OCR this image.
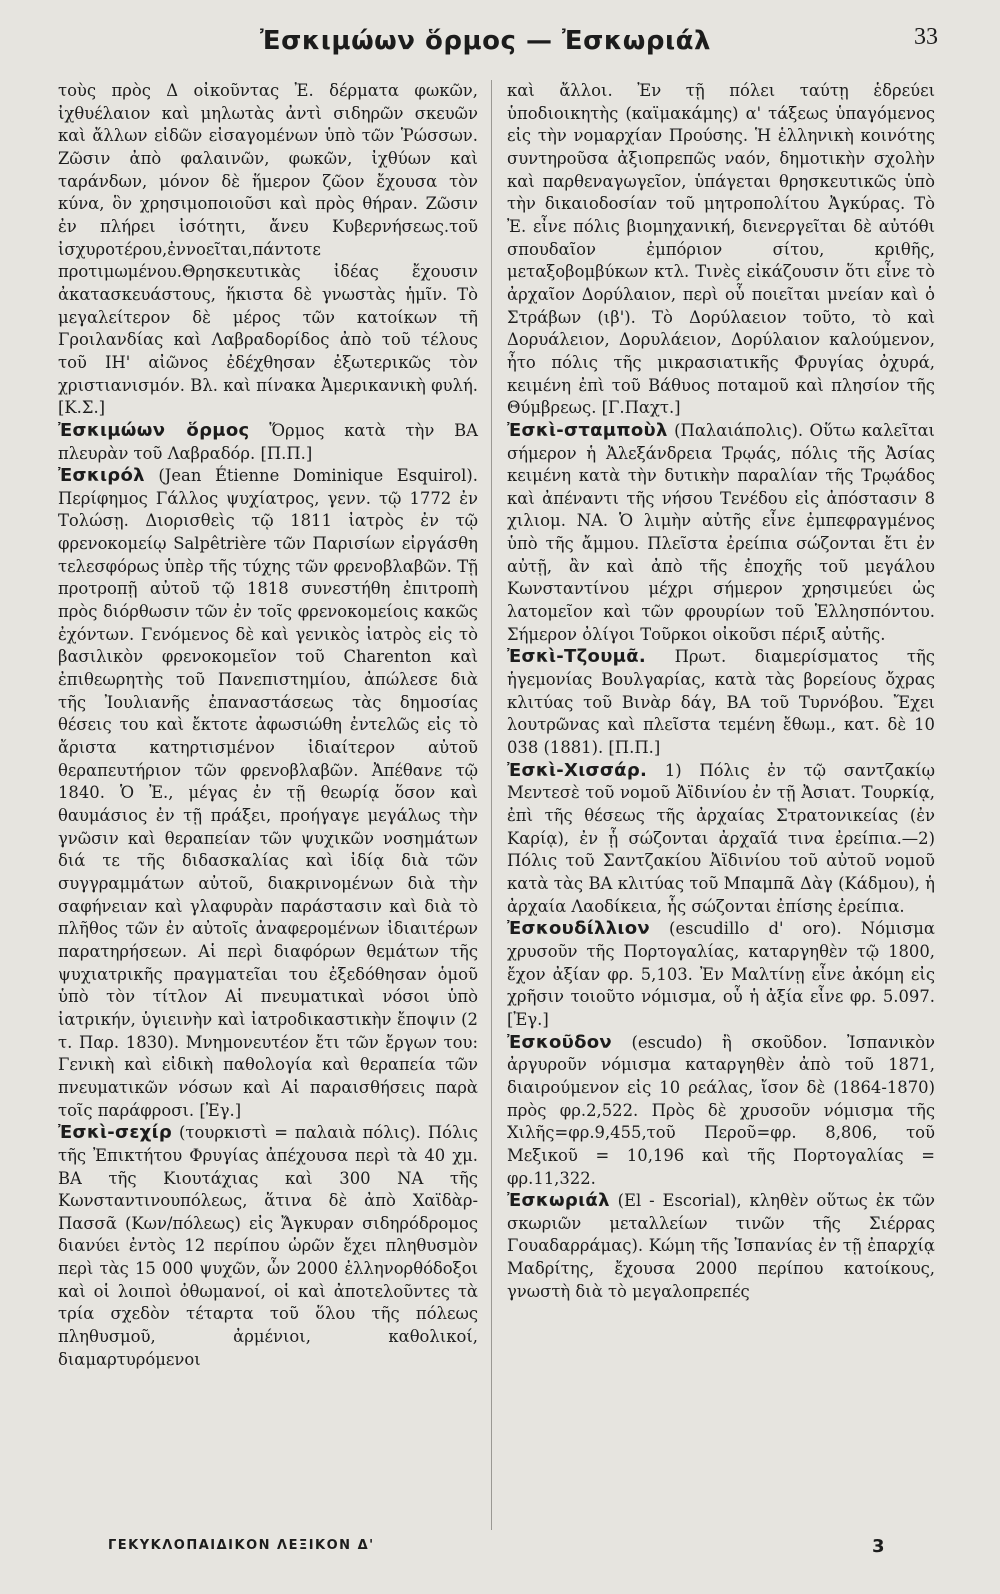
Ἐσκιμώων ὅρμος — Ἐσκωριάλ	33

τοὺς πρὸς Δ οἰκοῦντας Ἐ. δέρματα φωκῶν, ἰχθυέλαιον καὶ μηλωτὰς ἀντὶ σιδηρῶν σκευῶν καὶ ἄλλων εἰδῶν εἰσαγομένων ὑπὸ τῶν Ῥώσσων. Ζῶσιν ἀπὸ φαλαινῶν, φωκῶν, ἰχθύων καὶ ταράνδων, μόνον δὲ ἥμερον ζῶον ἔχουσα τὸν κύνα, ὃν χρησιμοποιοῦσι καὶ πρὸς θήραν. Ζῶσιν ἐν πλήρει ἰσότητι, ἄνευ Κυβερνήσεως.τοῦ ἰσχυροτέρου,ἐννοεῖται,πάντοτε προτιμωμένου.Θρησκευτικὰς ἰδέας ἔχουσιν ἀκατασκευάστους, ἥκιστα δὲ γνωστὰς ἡμῖν. Τὸ μεγαλείτερον δὲ μέρος τῶν κατοίκων τῆ Γροιλανδίας καὶ Λαβραδορίδος ἀπὸ τοῦ τέλους τοῦ ΙΗ' αἰῶνος ἐδέχθησαν ἐξωτερικῶς τὸν χριστιανισμόν. Βλ. καὶ πίνακα Ἀμερικανικὴ φυλή. [Κ.Σ.]

Ἐσκιμώων ὅρμος Ὅρμος κατὰ τὴν ΒΑ πλευρὰν τοῦ Λαβραδόρ. [Π.Π.]

Ἐσκιρόλ (Jean Étienne Dominique Esquirol). Περίφημος Γάλλος ψυχίατρος, γενν. τῷ 1772 ἐν Τολώσῃ. Διορισθεὶς τῷ 1811 ἰατρὸς ἐν τῷ φρενοκομείῳ Salpêtrière τῶν Παρισίων εἰργάσθη τελεσφόρως ὑπὲρ τῆς τύχης τῶν φρενοβλαβῶν. Τῇ προτροπῇ αὐτοῦ τῷ 1818 συνεστήθη ἐπιτροπὴ πρὸς διόρθωσιν τῶν ἐν τοῖς φρενοκομείοις κακῶς ἐχόντων. Γενόμενος δὲ καὶ γενικὸς ἰατρὸς εἰς τὸ βασιλικὸν φρενοκομεῖον τοῦ Charenton καὶ ἐπιθεωρητὴς τοῦ Πανεπιστημίου, ἀπώλεσε διὰ τῆς Ἰουλιανῆς ἐπαναστάσεως τὰς δημοσίας θέσεις του καὶ ἔκτοτε ἀφωσιώθη ἐντελῶς εἰς τὸ ἄριστα κατηρτισμένον ἰδιαίτερον αὐτοῦ θεραπευτήριον τῶν φρενοβλαβῶν. Ἀπέθανε τῷ 1840. Ὁ Ἐ., μέγας ἐν τῇ θεωρίᾳ ὅσον καὶ θαυμάσιος ἐν τῇ πράξει, προήγαγε μεγάλως τὴν γνῶσιν καὶ θεραπείαν τῶν ψυχικῶν νοσημάτων διά τε τῆς διδασκαλίας καὶ ἰδίᾳ διὰ τῶν συγγραμμάτων αὐτοῦ, διακρινομένων διὰ τὴν σαφήνειαν καὶ γλαφυρὰν παράστασιν καὶ διὰ τὸ πλῆθος τῶν ἐν αὐτοῖς ἀναφερομένων ἰδιαιτέρων παρατηρήσεων. Αἱ περὶ διαφόρων θεμάτων τῆς ψυχιατρικῆς πραγματεῖαι του ἐξεδόθησαν ὁμοῦ ὑπὸ τὸν τίτλον Αἱ πνευματικαὶ νόσοι ὑπὸ ἰατρικήν, ὑγιεινὴν καὶ ἰατροδικαστικὴν ἔποψιν (2 τ. Παρ. 1830). Μνημονευτέον ἔτι τῶν ἔργων του: Γενικὴ καὶ εἰδικὴ παθολογία καὶ θεραπεία τῶν πνευματικῶν νόσων καὶ Αἱ παραισθήσεις παρὰ τοῖς παράφροσι. [Ἐγ.]

Ἐσκὶ-σεχίρ (τουρκιστὶ = παλαιὰ πόλις). Πόλις τῆς Ἐπικτήτου Φρυγίας ἀπέχουσα περὶ τὰ 40 χμ. ΒΑ τῆς Κιουτάχιας καὶ 300 ΝΑ τῆς Κωνσταντινουπόλεως, ἅτινα δὲ ἀπὸ Χαϊδὰρ-Πασσᾶ (Κων/πόλεως) εἰς Ἄγκυραν σιδηρόδρομος διανύει ἐντὸς 12 περίπου ὡρῶν ἔχει πληθυσμὸν περὶ τὰς 15 000 ψυχῶν, ὧν 2000 ἑλληνορθόδοξοι καὶ οἱ λοιποὶ ὀθωμανοί, οἱ καὶ ἀποτελοῦντες τὰ τρία σχεδὸν τέταρτα τοῦ ὅλου τῆς πόλεως πληθυσμοῦ, ἀρμένιοι, καθολικοί, διαμαρτυρόμενοι

καὶ ἄλλοι. Ἐν τῇ πόλει ταύτῃ ἑδρεύει ὑποδιοικητὴς (καϊμακάμης) α' τάξεως ὑπαγόμενος εἰς τὴν νομαρχίαν Προύσης. Ἡ ἑλληνικὴ κοινότης συντηροῦσα ἀξιοπρεπῶς ναόν, δημοτικὴν σχολὴν καὶ παρθεναγωγεῖον, ὑπάγεται θρησκευτικῶς ὑπὸ τὴν δικαιοδοσίαν τοῦ μητροπολίτου Ἀγκύρας. Τὸ Ἐ. εἶνε πόλις βιομηχανική, διενεργεῖται δὲ αὐτόθι σπουδαῖον ἐμπόριον σίτου, κριθῆς, μεταξοβομβύκων κτλ. Τινὲς εἰκάζουσιν ὅτι εἶνε τὸ ἀρχαῖον Δορύλαιον, περὶ οὗ ποιεῖται μνείαν καὶ ὁ Στράβων (ιβ'). Τὸ Δορύλαειον τοῦτο, τὸ καὶ Δορυάλειον, Δορυλάειον, Δορύλαιον καλούμενον, ἦτο πόλις τῆς μικρασιατικῆς Φρυγίας ὀχυρά, κειμένη ἐπὶ τοῦ Βάθυος ποταμοῦ καὶ πλησίον τῆς Θύμβρεως. [Γ.Παχτ.]

Ἐσκὶ-σταμποὺλ (Παλαιάπολις). Οὕτω καλεῖται σήμερον ἡ Ἀλεξάνδρεια Τρῳάς, πόλις τῆς Ἀσίας κειμένη κατὰ τὴν δυτικὴν παραλίαν τῆς Τρῳάδος καὶ ἀπέναντι τῆς νήσου Τενέδου εἰς ἀπόστασιν 8 χιλιομ. ΝΑ. Ὁ λιμὴν αὐτῆς εἶνε ἐμπεφραγμένος ὑπὸ τῆς ἄμμου. Πλεῖστα ἐρείπια σώζονται ἔτι ἐν αὐτῇ, ἂν καὶ ἀπὸ τῆς ἐποχῆς τοῦ μεγάλου Κωνσταντίνου μέχρι σήμερον χρησιμεύει ὡς λατομεῖον καὶ τῶν φρουρίων τοῦ Ἑλλησπόντου. Σήμερον ὀλίγοι Τοῦρκοι οἰκοῦσι πέριξ αὐτῆς.

Ἐσκὶ-Τζουμᾶ. Πρωτ. διαμερίσματος τῆς ἡγεμονίας Βουλγαρίας, κατὰ τὰς βορείους ὄχρας κλιτύας τοῦ Βινὰρ δάγ, ΒΑ τοῦ Τυρνόβου. Ἔχει λουτρῶνας καὶ πλεῖστα τεμένη ἔθωμ., κατ. δὲ 10 038 (1881). [Π.Π.]

Ἐσκὶ-Χισσάρ. 1) Πόλις ἐν τῷ σαντζακίῳ Μεντεσὲ τοῦ νομοῦ Ἀϊδινίου ἐν τῇ Ἀσιατ. Τουρκίᾳ, ἐπὶ τῆς θέσεως τῆς ἀρχαίας Στρατονικείας (ἐν Καρίᾳ), ἐν ᾗ σώζονται ἀρχαῖά τινα ἐρείπια.—2) Πόλις τοῦ Σαντζακίου Ἀϊδινίου τοῦ αὐτοῦ νομοῦ κατὰ τὰς ΒΑ κλιτύας τοῦ Μπαμπᾶ Δὰγ (Κάδμου), ἡ ἀρχαία Λαοδίκεια, ἧς σώζονται ἐπίσης ἐρείπια.

Ἐσκουδίλλιον (escudillo d' oro). Νόμισμα χρυσοῦν τῆς Πορτογαλίας, καταργηθὲν τῷ 1800, ἔχον ἀξίαν φρ. 5,103. Ἐν Μαλτίνῃ εἶνε ἀκόμη εἰς χρῆσιν τοιοῦτο νόμισμα, οὗ ἡ ἀξία εἶνε φρ. 5.097. [Ἐγ.]

Ἐσκοῦδον (escudo) ἢ σκοῦδον. Ἰσπανικὸν ἀργυροῦν νόμισμα καταργηθὲν ἀπὸ τοῦ 1871, διαιρούμενον εἰς 10 ρεάλας, ἴσον δὲ (1864-1870) πρὸς φρ.2,522. Πρὸς δὲ χρυσοῦν νόμισμα τῆς Χιλῆς=φρ.9,455,τοῦ Περοῦ=φρ. 8,806, τοῦ Μεξικοῦ = 10,196 καὶ τῆς Πορτογαλίας = φρ.11,322.

Ἐσκωριάλ (El - Escorial), κληθὲν οὕτως ἐκ τῶν σκωριῶν μεταλλείων τινῶν τῆς Σιέρρας Γουαδαρράμας). Κώμη τῆς Ἰσπανίας ἐν τῇ ἐπαρχίᾳ Μαδρίτης, ἔχουσα 2000 περίπου κατοίκους, γνωστὴ διὰ τὸ μεγαλοπρεπές

ΓΕΚΥΚΛΟΠΑΙΔΙΚΟΝ ΛΕΞΙΚΟΝ Δ'	3
